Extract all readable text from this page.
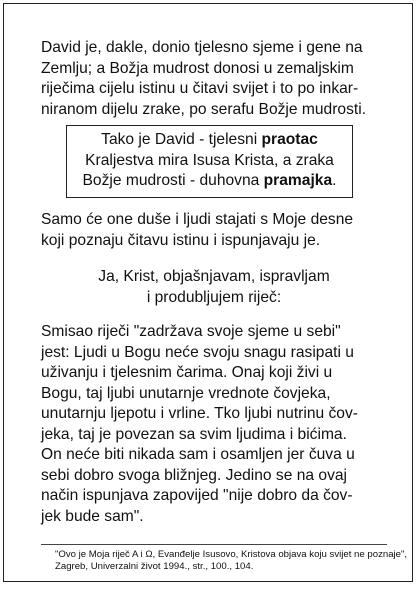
David je, dakle, donio tjelesno sjeme i gene na
Zemlju; a Božja mudrost donosi u zemaljskim
riječima cijelu istinu u čitavi svijet i to po inkar-
niranom dijelu zrake, po serafu Božje mudrosti.
Tako je David - tjelesni praotac
Kraljestva mira Isusa Krista, a zraka
Božje mudrosti - duhovna pramajka.
Samo će one duše i ljudi stajati s Moje desne
koji poznaju čitavu istinu i ispunjavaju je.
Ja, Krist, objašnjavam, ispravljam
i produbljujem riječ:
Smisao riječi "zadržava svoje sjeme u sebi"
jest: Ljudi u Bogu neće svoju snagu rasipati u
uživanju i tjelesnim čarima. Onaj koji živi u
Bogu, taj ljubi unutarnje vrednote čovjeka,
unutarnju ljepotu i vrline. Tko ljubi nutrinu čov-
jeka, taj je povezan sa svim ljudima i bićima.
On neće biti nikada sam i osamljen jer čuva u
sebi dobro svoga bližnjeg. Jedino se na ovaj
način ispunjava zapovijed "nije dobro da čov-
jek bude sam".
"Ovo je Moja riječ A i Ω, Evanđelje Isusovo, Kristova objava koju svijet ne poznaje",
Zagreb, Univerzalni život 1994., str., 100., 104.
